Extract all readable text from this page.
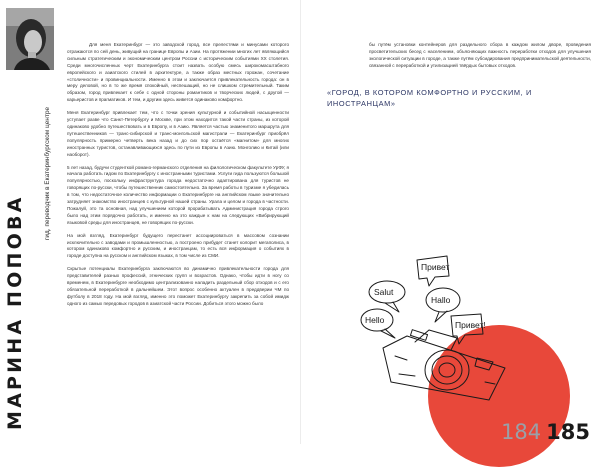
МАРИНА ПОПОВА
гид, переводчик в Екатеринбургском центре

Для меня Екатеринбург — это заводской город, все прелестями и минусами которого отражаются по сей день, живущий на границе Европы и Азии. На протяжении многих лет являющийся сильным стратегическим и экономическим центром России с историческим событиями XX столетия. Среди многочисленных черт Екатеринбурга стоит назвать особую смесь широкомасштабного европейского и азиатского стилей в архитектуре, а также образ местных горожан, сочетание «столичности» и провинциальности. Именно в этом и заключается привлекательность города: он в меру деловой, но в то же время спокойный, неспешащий, но не слишком стремительный. Таким образом, город привлекает к себе с одной стороны романтиков и творческих людей, с другой — карьеристов и прагматиков. И тем, и другим здесь живется одинаково комфортно.

Меня Екатеринбург привлекает тем, что с точки зрения культурной и событийной насыщенности уступает разве что Санкт-Петербургу и Москве, при этом находится такой части страны, из которой одинаково удобно путешествовать и в Европу, и в Азию. Является частью знаменитого маршрута для путешественников — транс-сибирской и транс-монгольской магистрали — Екатеринбург приобрёл популярность примерно четверть века назад и до сих пор остаётся «магнитом» для многих иностранных туристов, останавливающихся здесь по пути из Европы в Азию. Монголию и Китай (или наоборот).

5 лет назад, будучи студенткой романо-германского отделения на филологическом факультете УрФУ, я начала работать гидом по Екатеринбургу с иностранными туристами. Услуги гида пользуются большой популярностью, поскольку инфраструктура города недостаточно адаптирована для туристов не говорящих по-русски, чтобы путешественник самостоятельно. За время работы в туризме я убедилась в том, что недостаточное количество информации о Екатеринбурге на английском языке значительно затрудняет знакомство иностранцев с культурной нашей страны. Урала и целом и города в частности. Пожалуй, это та основная, над улучшением которой прорабатывать Администрация города строго было над этим порядочно работать, и именно на это каждые к нам на следующих «Вибрирующий языковой среды для иностранцев, не говорящих по-русски.

На мой взгляд, Екатеринбург будущего перестанет ассоциироваться в массовом сознании исключительно с заводами и промышленностью, а построено прибудет станет колорит мегаполиса, в котором одинаково комфортно и русским, и иностранцам, то есть вся информация о событиях в городе доступна на русском и английском языках, в том числе из СМИ.

Скрытые потенциалы Екатеринбурга заключаются во динамично привлекательности города для представителей разных профессий, этнических групп и возрастов. Однако, чтобы идти в ногу со временем, в Екатеринбурге необходимо централизованно наладить раздельный сбор отходов и с его обязательной переработкой в дальнейшем. Этот вопрос особенно актуален в преддверии ЧМ по футболу в 2018 году. На мой взгляд, именно это поможет Екатеринбургу закрепить за собой имидж одного из самых передовых городов в азиатской части России. Добиться этого можно было

бы путём установки контейнеров для раздельного сбора в каждом жилом дворе, проведения просветительских бесед с населением, объясняющих важность переработки отходов для улучшения экологической ситуации в городе, а также путём субсидирования предпринимательской деятельности, связанной с переработкой и утилизацией твёрдых бытовых отходов.

«ГОРОД, В КОТОРОМ КОМФОРТНО И РУССКИМ, И ИНОСТРАНЦАМ»
Salut
Привет
Hallo
Hello	Привет!
184 185
